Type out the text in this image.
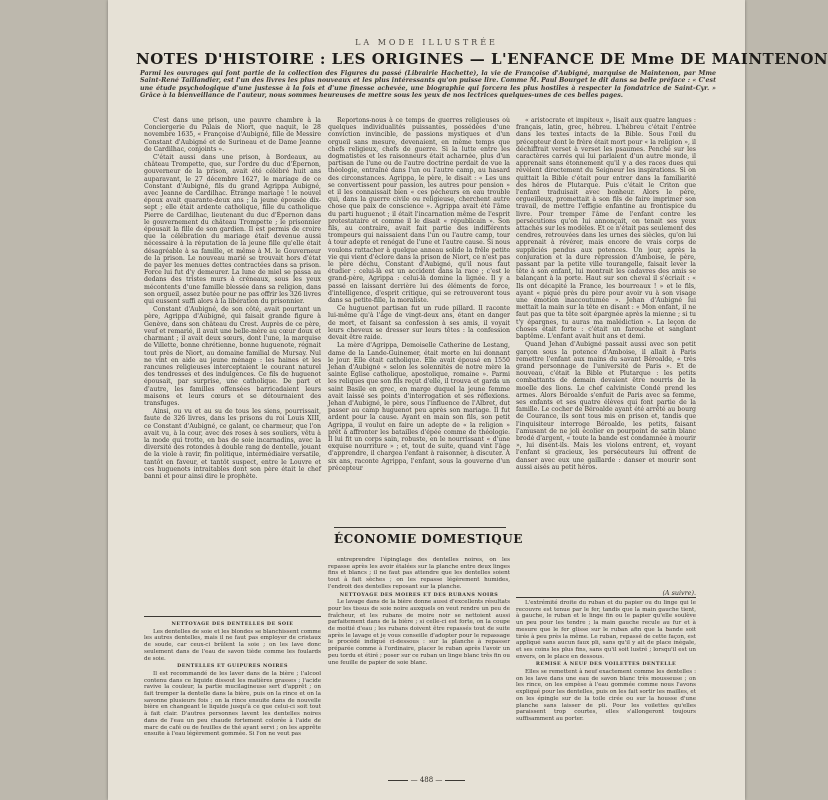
LA MODE ILLUSTRÉE
NOTES D'HISTOIRE : LES ORIGINES — L'ENFANCE DE Mme DE MAINTENON
Parmi les ouvrages qui font partie de la collection des Figures du passé (Librairie Hachette), la vie de Françoise d'Aubigné, marquise de Maintenon, par Mme Saint-René Taillandier, est l'un des livres les plus nouveaux et les plus intéressants qu'on puisse lire. Comme M. Paul Bourget le dit dans sa belle préface : « C'est une étude psychologique d'une justesse à la fois et d'une finesse achevée, une biographie qui forcera les plus hostiles à respecter la fondatrice de Saint-Cyr. » Grâce à la bienveillance de l'auteur, nous sommes heureuses de mettre sous les yeux de nos lectrices quelques-unes de ces belles pages.

C'est dans une prison, une pauvre chambre à la Conciergerie du Palais de Niort, que naquit, le 28 novembre 1635, « Françoise d'Aubigné, fille de Messire Constant d'Aubigné et de Surineau et de Dame Jeanne de Cardilhac, conjoints ».

C'était aussi dans une prison, à Bordeaux, au château Trompette, que, sur l'ordre du duc d'Épernon, gouverneur de la prison, avait été célébré huit ans auparavant, le 27 décembre 1627, le mariage de ce Constant d'Aubigné, fils du grand Agrippa Aubigné, avec Jeanne de Cardilhac. Étrange mariage ! le nouvel époux avait quarante-deux ans ; la jeune épousée dix-sept ; elle était ardente catholique, fille du catholique Pierre de Cardilhac, lieutenant du duc d'Épernon dans le gouvernement du château Trompette ; le prisonnier épousait la fille de son gardien. Il est permis de croire que la célébration du mariage était devenue aussi nécessaire à la réputation de la jeune fille qu'elle était désagréable à sa famille, et même à M. le Gouverneur de la prison. Le nouveau marié se trouvait hors d'état de payer les menues dettes contractées dans sa prison. Force lui fut d'y demeurer. La lune de miel se passa au dedans des tristes murs à créneaux, sous les yeux mécontents d'une famille blessée dans sa religion, dans son orgueil, assez butée pour ne pas offrir les 326 livres qui eussent suffi alors à la libération du prisonnier.

Constant d'Aubigné, de son côté, avait pourtant un père, Agrippa d'Aubigné, qui faisait grande figure à Genève, dans son château du Crest. Auprès de ce père, veuf et remarié, il avait une belle-mère au cœur doux et charmant ; il avait deux sœurs, dont l'une, la marquise de Villette, bonne chrétienne, bonne huguenote, régnait tout près de Niort, au domaine familial de Mursay. Nul ne vint en aide au jeune ménage : les haines et les rancunes religieuses interceptaient le courant naturel des tendresses et des indulgences. Ce fils de huguenot épousait, par surprise, une catholique. De part et d'autre, les familles offensées barricadaient leurs maisons et leurs cœurs et se détournaient des transfuges.

Ainsi, ou vu et au su de tous les siens, pourrissait, faute de 326 livres, dans les prisons du roi Louis XIII, ce Constant d'Aubigné, ce galant, ce charmeur, que l'on avait vu, à la cour, avec des roses à ses souliers, vêtu à la mode qui trotte, en bas de soie incarnadins, avec la diversité des rotondes à double rang de dentelle, jouant de la viole à ravir, fin politique, intermédiaire versatile, tantôt en faveur, et tantôt suspect, entre le Louvre et ces huguenots intraitables dont son père était le chef banni et pour ainsi dire le prophète.

Reportons-nous à ce temps de guerres religieuses où quelques individualités puissantes, possédées d'une conviction invincible, de passions mystiques et d'un orgueil sans mesure, devenaient, en même temps que chefs religieux, chefs de guerre. Si la lutte entre les dogmatistes et les raisonneurs était acharnée, plus d'un partisan de l'une ou de l'autre doctrine perdait de vue la théologie, entraîné dans l'un ou l'autre camp, au hasard des circonstances. Agrippa, le père, le disait : « Les uns se convertissent pour passion, les autres pour pension » et il les connaissait bien « ces pécheurs en eau trouble qui, dans la guerre civile ou religieuse, cherchent autre chose que paix de conscience ». Agrippa avait été l'âme du parti huguenot ; il était l'incarnation même de l'esprit protestataire et comme il le disait « républicain ». Son fils, au contraire, avait fait partie des indifférents trompeurs qui naissaient dans l'un ou l'autre camp, tour à tour adepte et renégat de l'une et l'autre cause. Si nous voulons rattacher à quelque anneau solide la frêle petite vie qui vient d'éclore dans la prison de Niort, ce n'est pas le père déchu, Constant d'Aubigné, qu'il nous faut étudier : celui-là est un accident dans la race ; c'est le grand-père, Agrippa : celui-là domine la lignée. Il y a passé en laissant derrière lui des éléments de force, d'intelligence, d'esprit critique, qui se retrouveront tous dans sa petite-fille, la moraliste.

Ce huguenot partisan fut un rude pillard. Il raconte lui-même qu'à l'âge de vingt-deux ans, étant en danger de mort, et faisant sa confession à ses amis, il voyait leurs cheveux se dresser sur leurs têtes : la confession devait être raide.

La mère d'Agrippa, Demoiselle Catherine de Lestang, dame de la Lande-Guinemer, était morte en lui donnant le jour. Elle était catholique. Elle avait épousé en 1550 Jehan d'Aubigné « selon les solennités de notre mère la sainte Église catholique, apostolique, romaine ». Parmi les reliques que son fils reçut d'elle, il trouva et garda un saint Basile en grec, en marge duquel la jeune femme avait laissé ses points d'interrogation et ses réflexions. Jehan d'Aubigné, le père, sous l'influence de l'Albret, dut passer au camp huguenot peu après son mariage. Il fut ardent pour la cause. Ayant en main son fils, son petit Agrippa, il voulut en faire un adepte de « la religion » prêt à affronter les batailles d'épée comme de théologie. Il lui fit un corps sain, robuste, en le nourrissant « d'une exquise nourriture » ; et, tout de suite, quand vint l'âge d'apprendre, il chargea l'enfant à raisonner, à discuter. À six ans, raconte Agrippa, l'enfant, sous la gouverne d'un précepteur

« aristocrate et impiteux », lisait aux quatre langues : français, latin, grec, hébreu. L'hébreu c'était l'entrée dans les textes intacts de la Bible. Sous l'œil du précepteur dont le frère était mort pour « la religion », il déchiffrait verset à verset les psaumes. Penché sur les caractères carrés qui lui parlaient d'un autre monde, il apprenait sans étonnement qu'il y a des races dues qui révèlent directement du Seigneur les inspirations. Si on quittait la Bible c'était pour entrer dans la familiarité des héros de Plutarque. Puis c'était le Criton que l'enfant traduisait avec bonheur. Alors le père, orgueilleux, promettait à son fils de faire imprimer son travail, de mettre l'effigie enfantine au frontispice du livre. Pour tremper l'âme de l'enfant contre les persécutions qu'on lui annonçait, on tenait ses yeux attachés sur les modèles. Et ce n'était pas seulement des cendres, retrouvées dans les urnes des siècles, qu'on lui apprenait à révérer, mais encore de vrais corps de suppliciés pendus aux potences. Un jour, après la conjuration et la dure répression d'Amboise, le père, passant par la petite ville tourangelle, faisait lever la tête à son enfant, lui montrait les cadavres des amis se balançant à la porte. Haut sur son cheval il s'écriait : « Ils ont décapité la France, les bourreaux ! » et le fils, ayant « piqué près du père pour avoir vu à son visage une émotion inaccoutumée ». Jehan d'Aubigné lui mettait la main sur la tête en disant : « Mon enfant, il ne faut pas que ta tête soit épargnée après la mienne ; si tu t'y épargnes, tu auras ma malédiction ». La leçon de choses était forte : c'était un farouche et sanglant baptême. L'enfant avait huit ans et demi.

Quand Jehan d'Aubigné passait aussi avec son petit garçon sous la potence d'Amboise, il allait à Paris remettre l'enfant aux mains du savant Béroalde, « très grand personnage de l'université de Paris ». Et de nouveau, c'était la Bible et Plutarque : les petits combattants de demain devaient être nourris de la moelle des lions. Le chef calviniste Condé prend les armes. Alors Béroalde s'enfuit de Paris avec sa femme, ses enfants et ses quatre élèves qui font partie de la famille. Le cocher de Béroalde ayant été arrêté au bourg de Courance, ils sont tous mis en prison et, tandis que l'inquisiteur interroge Béroalde, les petits, faisant l'amusant de ne joli écolier en pourpoint de satin blanc brodé d'argent, « toute la bande est condamnée à mourir », lui disent-ils. Mais les violons entrent, et, voyant l'enfant si gracieux, les persécuteurs lui offrent de danser avec eux une gaillarde : danser et mourir sont aussi aisés au petit héros.

(A suivre).
ÉCONOMIE DOMESTIQUE
NETTOYAGE DES DENTELLES DE SOIE

Les dentelles de soie et les blondes se blanchissent comme les autres dentelles, mais il ne faut pas employer de cristaux de soude, car ceux-ci brûlent la soie ; on les lave donc seulement dans de l'eau de savon tiède comme les foulards de soie.

DENTELLES ET GUIPURES NOIRES

Il est recommandé de les laver dans de la bière ; l'alcool contenu dans ce liquide dissout les matières grasses ; l'acide ravive la couleur, la partie mucilagineuse sert d'apprêt ; on fait tremper la dentelle dans la bière, puis on la rince et on la savonne plusieurs fois ; on la rince ensuite dans de nouvelle bière en changeant le liquide jusqu'à ce que celui-ci soit tout à fait clair. D'autres personnes lavent les dentelles noires dans de l'eau un peu chaude fortement colorée à l'aide de marc de café ou de feuilles de thé ayant servi ; on les apprête ensuite à l'eau légèrement gommée. Si l'on ne veut pas

entreprendre l'épinglage des dentelles noires, on les repasse après les avoir étalées sur la planche entre deux linges fins et blancs ; il ne faut pas attendre que les dentelles soient tout à fait sèches ; on les repasse légèrement humides, l'endroit des dentelles reposant sur la planche.

NETTOYAGE DES MOIRES ET DES RUBANS NOIRS

Le lavage dans de la bière donne aussi d'excellents résultats pour les tissus de soie noire auxquels on veut rendre un peu de fraîcheur, et les rubans de moire noir se nettoient aussi parfaitement dans de la bière ; si celle-ci est forte, on la coupe de moitié d'eau ; les rubans doivent être repassés tout de suite après le lavage et je vous conseille d'adopter pour le repassage le procédé indiqué ci-dessous : sur la planche à repasser préparée comme à l'ordinaire, placer le ruban après l'avoir un peu tordu et étiré ; poser sur ce ruban un linge blanc très fin ou une feuille de papier de soie blanc.

L'extrémité droite du ruban et du papier ou du linge qui le recouvre est tenue par le fer, tandis que la main gauche tient, à gauche, le ruban et le linge fin ou le papier qu'elle soulève un peu pour les tendre ; la main gauche recule au fur et à mesure que le fer glisse sur le ruban afin que la bande soit tirée à peu près la même. Le ruban, repassé de cette façon, est appliqué sans aucun faux pli, sans qu'il y ait de place inégale, et ses coins les plus fins, sans qu'il soit lustré ; lorsqu'il est un envers, on le place en dessous.

REMISE À NEUF DES VOILETTES DENTELLE

Elles se remettent à neuf exactement comme les dentelles : on les lave dans une eau de savon blanc très mousseuse ; on les rince, on les empèse à l'eau gommée comme nous l'avons expliqué pour les dentelles, puis on les fait sortir les mailles, et on les épingle sur de la toile cirée ou sur la housse d'une planche sans laisser de pli. Pour les voilettes qu'elles paraissent trop courtes, elles s'allongeront toujours suffisamment au porter.

— 488 —
